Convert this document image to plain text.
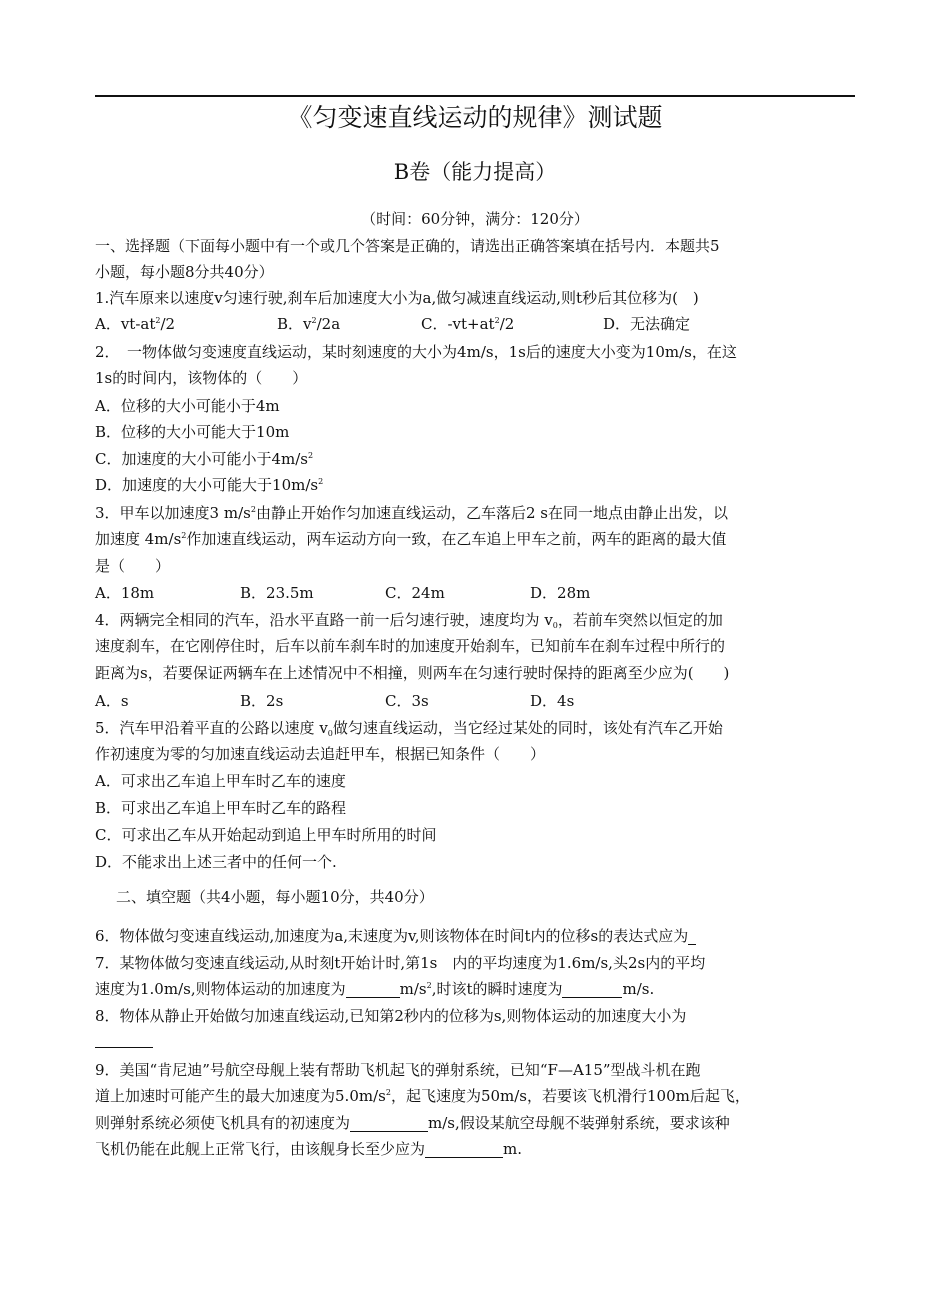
《匀变速直线运动的规律》测试题
B卷（能力提高）
（时间：60分钟，满分：120分）
一、选择题（下面每小题中有一个或几个答案是正确的，请选出正确答案填在括号内．本题共5
小题，每小题8分共40分）
1.汽车原来以速度v匀速行驶,刹车后加速度大小为a,做匀减速直线运动,则t秒后其位移为(　)
A．$vt-at^2/2$	B．$v^2/2a$	C．$-vt+at^2/2$	D．无法确定
2．　一物体做匀变速度直线运动，某时刻速度的大小为4m/s，1s后的速度大小变为10m/s，在这
1s的时间内，该物体的（　　）
A．位移的大小可能小于4m
B．位移的大小可能大于10m
C．加速度的大小可能小于$4m/s^2$
D．加速度的大小可能大于$10m/s^2$
3．甲车以加速度3 $m/s^2$由静止开始作匀加速直线运动，乙车落后2 s在同一地点由静止出发，以
加速度 $4m/s^2$作加速直线运动，两车运动方向一致，在乙车追上甲车之前，两车的距离的最大值
是（　　）
A．18m	B．23.5m	C．24m	D．28m
4．两辆完全相同的汽车，沿水平直路一前一后匀速行驶，速度均为 $v_0$，若前车突然以恒定的加
速度刹车，在它刚停住时，后车以前车刹车时的加速度开始刹车，已知前车在刹车过程中所行的
距离为s，若要保证两辆车在上述情况中不相撞，则两车在匀速行驶时保持的距离至少应为(　　)
A．s	B．2s	C．3s	D．4s
5．汽车甲沿着平直的公路以速度 $v_0$做匀速直线运动，当它经过某处的同时，该处有汽车乙开始
作初速度为零的匀加速直线运动去追赶甲车，根据已知条件（　　）
A．可求出乙车追上甲车时乙车的速度
B．可求出乙车追上甲车时乙车的路程
C．可求出乙车从开始起动到追上甲车时所用的时间
D．不能求出上述三者中的任何一个.
二、填空题（共4小题，每小题10分，共40分）
6．物体做匀变速直线运动,加速度为a,末速度为v,则该物体在时间t内的位移s的表达式应为
7．某物体做匀变速直线运动,从时刻t开始计时,第1s　内的平均速度为1.6m/s,头2s内的平均
速度为1.0m/s,则物体运动的加速度为	$m/s^2$,时该t的瞬时速度为	m/s.
8．物体从静止开始做匀加速直线运动,已知第2秒内的位移为s,则物体运动的加速度大小为
9．美国“肯尼迪”号航空母舰上装有帮助飞机起飞的弹射系统，已知“F—A15”型战斗机在跑
道上加速时可能产生的最大加速度为$5.0m/s^2$，起飞速度为50m/s，若要该飞机滑行100m后起飞，
则弹射系统必须使飞机具有的初速度为	m/s,假设某航空母舰不装弹射系统，要求该种
飞机仍能在此舰上正常飞行，由该舰身长至少应为	m.
